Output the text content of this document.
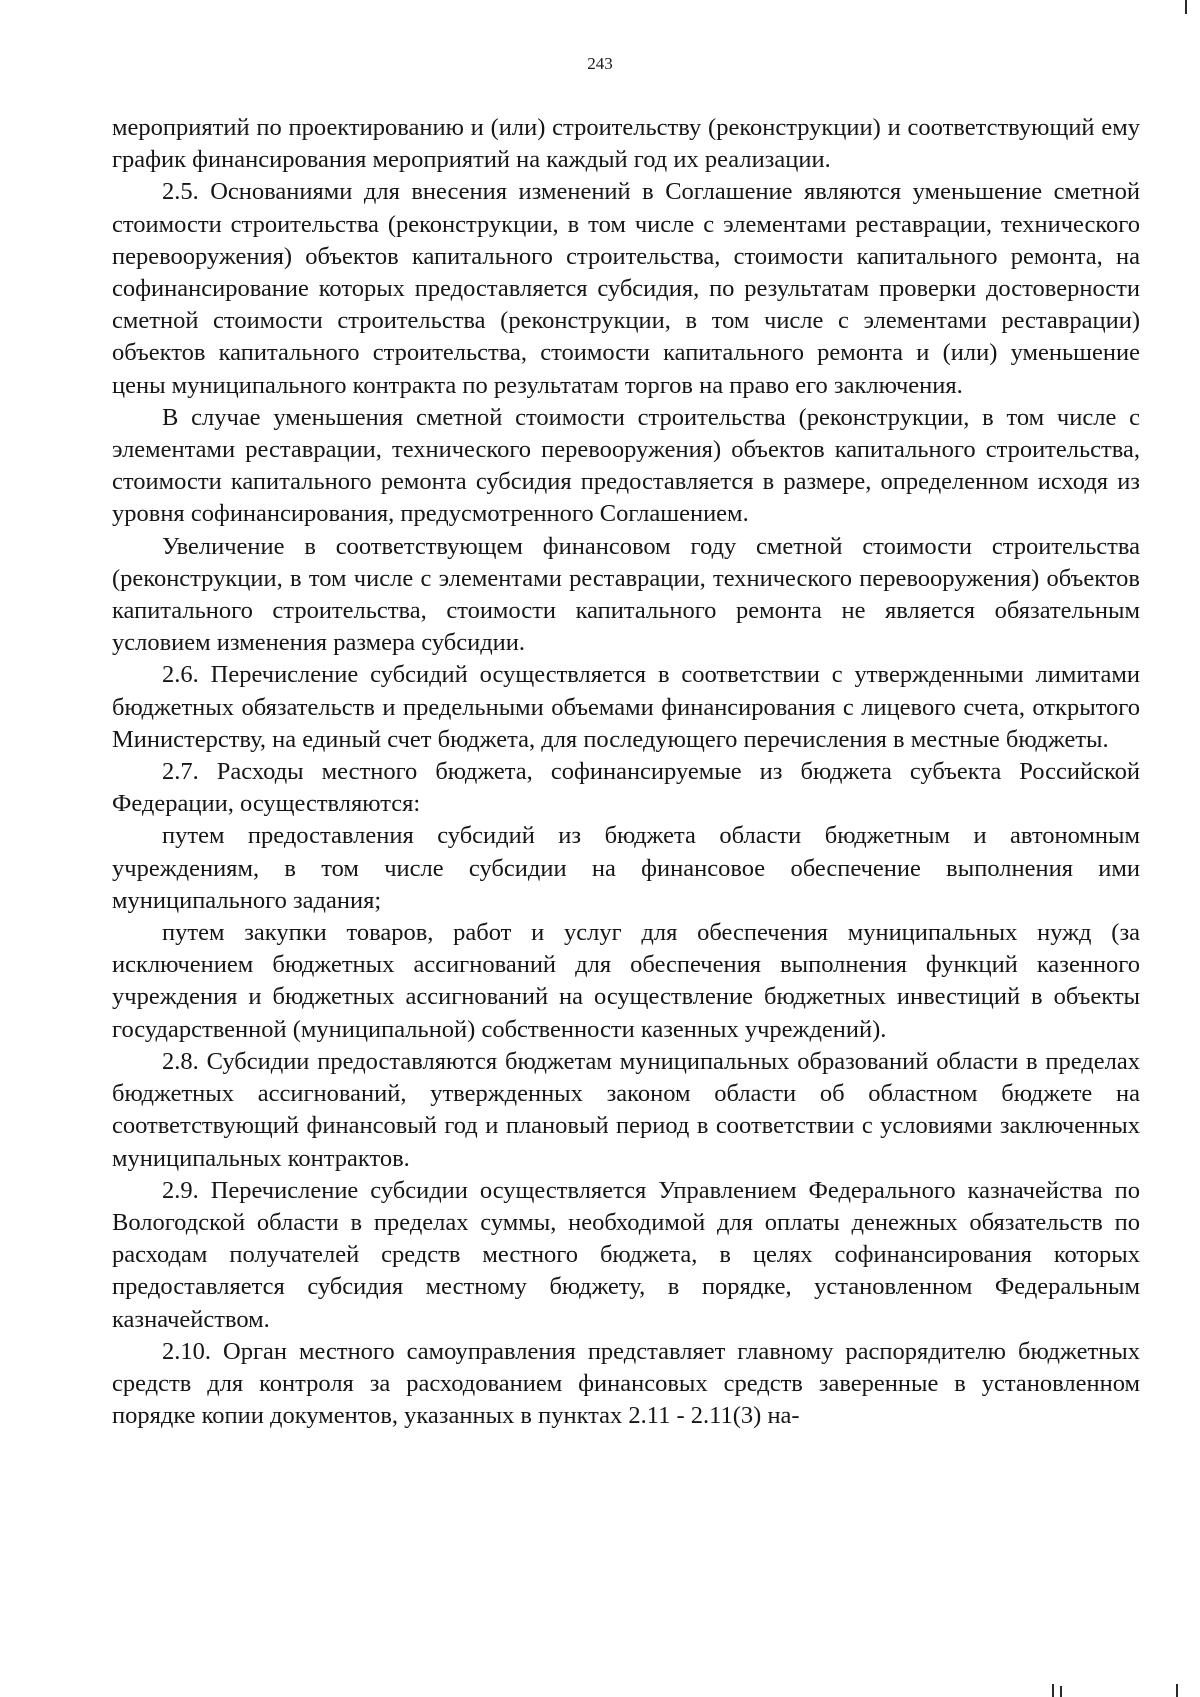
243

мероприятий по проектированию и (или) строительству (реконструкции) и соответствующий ему график финансирования мероприятий на каждый год их реализации.

2.5. Основаниями для внесения изменений в Соглашение являются уменьшение сметной стоимости строительства (реконструкции, в том числе с элементами реставрации, технического перевооружения) объектов капитального строительства, стоимости капитального ремонта, на софинансирование которых предоставляется субсидия, по результатам проверки достоверности сметной стоимости строительства (реконструкции, в том числе с элементами реставрации) объектов капитального строительства, стоимости капитального ремонта и (или) уменьшение цены муниципального контракта по результатам торгов на право его заключения.

В случае уменьшения сметной стоимости строительства (реконструкции, в том числе с элементами реставрации, технического перевооружения) объектов капитального строительства, стоимости капитального ремонта субсидия предоставляется в размере, определенном исходя из уровня софинансирования, предусмотренного Соглашением.

Увеличение в соответствующем финансовом году сметной стоимости строительства (реконструкции, в том числе с элементами реставрации, технического перевооружения) объектов капитального строительства, стоимости капитального ремонта не является обязательным условием изменения размера субсидии.

2.6. Перечисление субсидий осуществляется в соответствии с утвержденными лимитами бюджетных обязательств и предельными объемами финансирования с лицевого счета, открытого Министерству, на единый счет бюджета, для последующего перечисления в местные бюджеты.

2.7. Расходы местного бюджета, софинансируемые из бюджета субъекта Российской Федерации, осуществляются:

путем предоставления субсидий из бюджета области бюджетным и автономным учреждениям, в том числе субсидии на финансовое обеспечение выполнения ими муниципального задания;

путем закупки товаров, работ и услуг для обеспечения муниципальных нужд (за исключением бюджетных ассигнований для обеспечения выполнения функций казенного учреждения и бюджетных ассигнований на осуществление бюджетных инвестиций в объекты государственной (муниципальной) собственности казенных учреждений).

2.8. Субсидии предоставляются бюджетам муниципальных образований области в пределах бюджетных ассигнований, утвержденных законом области об областном бюджете на соответствующий финансовый год и плановый период в соответствии с условиями заключенных муниципальных контрактов.

2.9. Перечисление субсидии осуществляется Управлением Федерального казначейства по Вологодской области в пределах суммы, необходимой для оплаты денежных обязательств по расходам получателей средств местного бюджета, в целях софинансирования которых предоставляется субсидия местному бюджету, в порядке, установленном Федеральным казначейством.

2.10. Орган местного самоуправления представляет главному распорядителю бюджетных средств для контроля за расходованием финансовых средств заверенные в установленном порядке копии документов, указанных в пунктах 2.11 - 2.11(3) на-
